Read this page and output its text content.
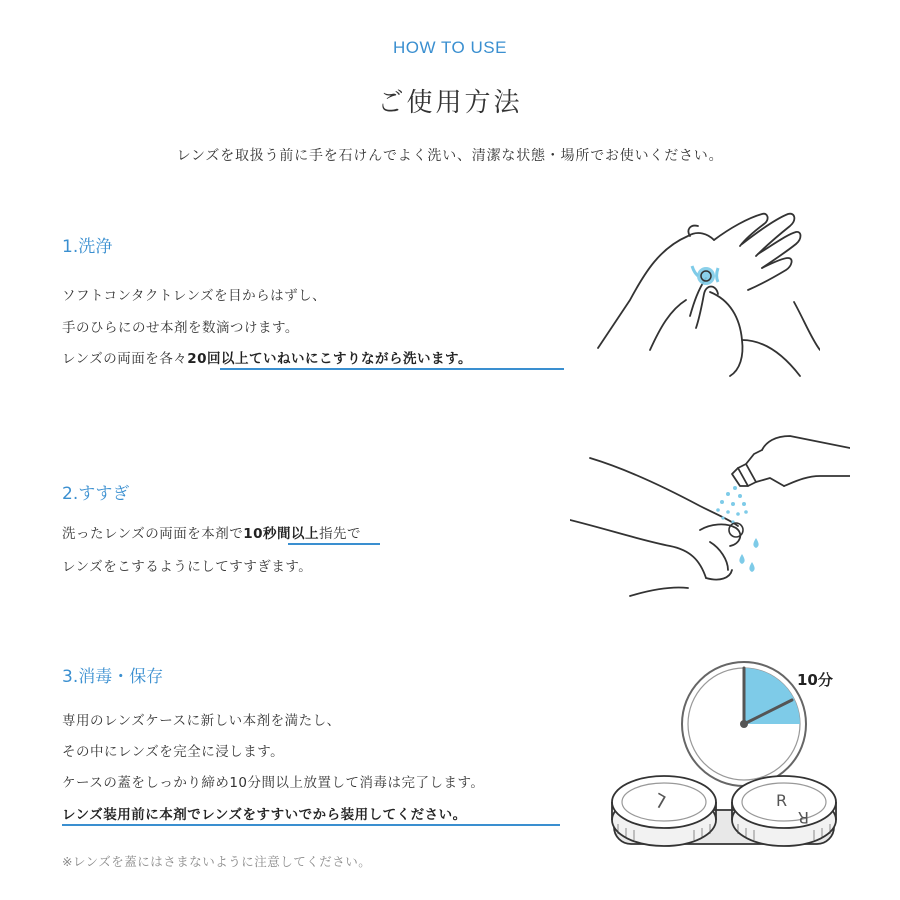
HOW TO USE
ご使用方法
レンズを取扱う前に手を石けんでよく洗い、清潔な状態・場所でお使いください。
1.洗浄
ソフトコンタクトレンズを目からはずし、
手のひらにのせ本剤を数滴つけます。
レンズの両面を各々20回以上ていねいにこすりながら洗います。
2.すすぎ
洗ったレンズの両面を本剤で10秒間以上指先で
レンズをこするようにしてすすぎます。
3.消毒・保存
専用のレンズケースに新しい本剤を満たし、
その中にレンズを完全に浸します。
ケースの蓋をしっかり締め10分間以上放置して消毒は完了します。
レンズ装用前に本剤でレンズをすすいでから装用してください。
10分
L	R
R
※レンズを蓋にはさまないように注意してください。
